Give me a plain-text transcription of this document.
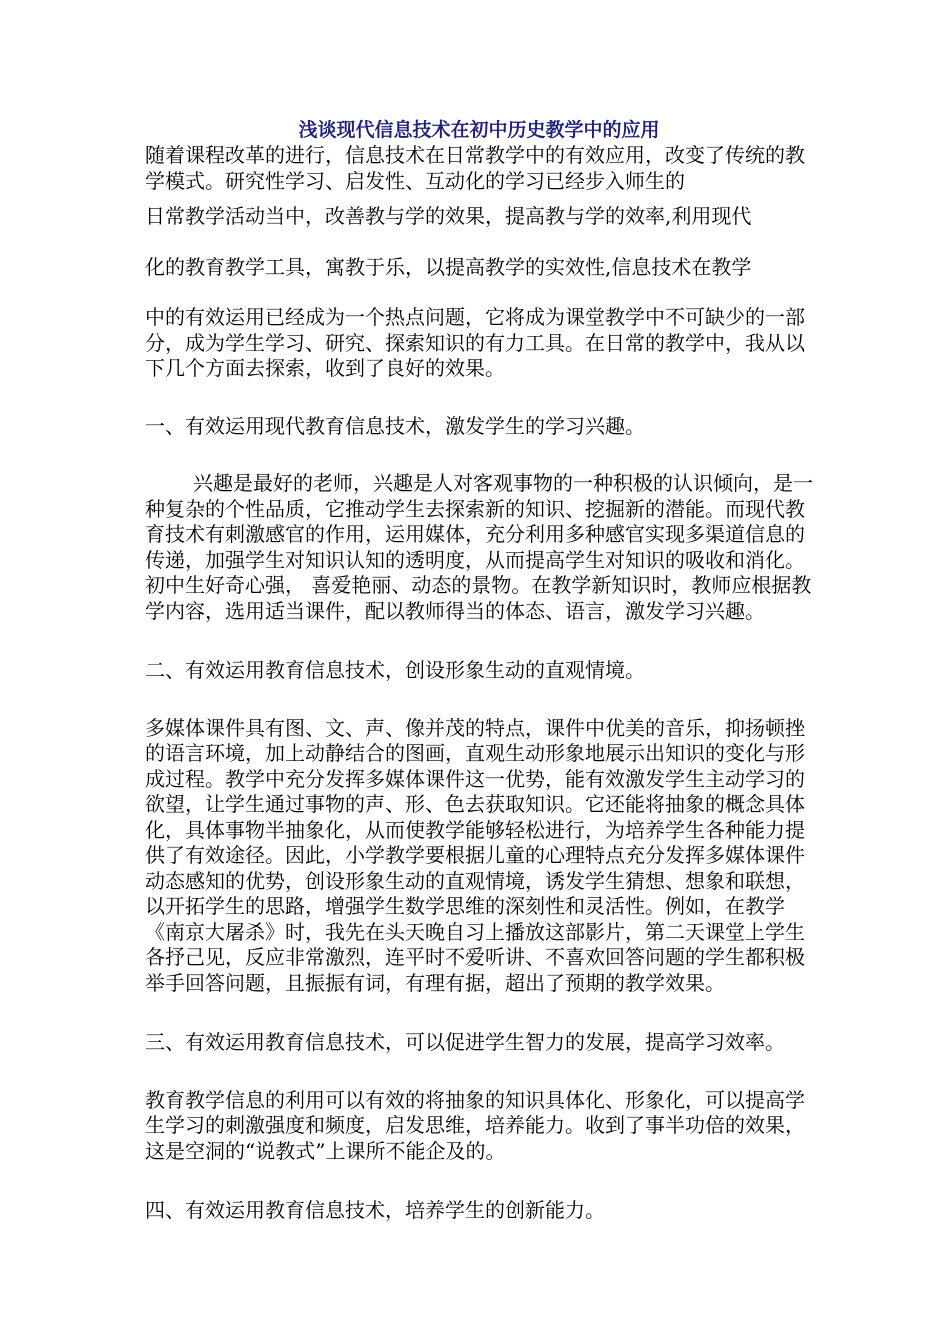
浅谈现代信息技术在初中历史教学中的应用

随着课程改革的进行，信息技术在日常教学中的有效应用，改变了传统的教学模式。研究性学习、启发性、互动化的学习已经步入师生的

日常教学活动当中，改善教与学的效果，提高教与学的效率,利用现代

化的教育教学工具，寓教于乐，以提高教学的实效性,信息技术在教学

中的有效运用已经成为一个热点问题，它将成为课堂教学中不可缺少的一部分，成为学生学习、研究、探索知识的有力工具。在日常的教学中，我从以下几个方面去探索，收到了良好的效果。

一、有效运用现代教育信息技术，激发学生的学习兴趣。

兴趣是最好的老师，兴趣是人对客观事物的一种积极的认识倾向，是一种复杂的个性品质，它推动学生去探索新的知识、挖掘新的潜能。而现代教育技术有刺激感官的作用，运用媒体，充分利用多种感官实现多渠道信息的传递，加强学生对知识认知的透明度，从而提高学生对知识的吸收和消化。初中生好奇心强， 喜爱艳丽、动态的景物。在教学新知识时，教师应根据教学内容，选用适当课件，配以教师得当的体态、语言，激发学习兴趣。

二、有效运用教育信息技术，创设形象生动的直观情境。

多媒体课件具有图、文、声、像并茂的特点，课件中优美的音乐，抑扬顿挫的语言环境，加上动静结合的图画，直观生动形象地展示出知识的变化与形成过程。教学中充分发挥多媒体课件这一优势，能有效激发学生主动学习的欲望，让学生通过事物的声、形、色去获取知识。它还能将抽象的概念具体化，具体事物半抽象化，从而使教学能够轻松进行，为培养学生各种能力提供了有效途径。因此，小学教学要根据儿童的心理特点充分发挥多媒体课件动态感知的优势，创设形象生动的直观情境，诱发学生猜想、想象和联想，以开拓学生的思路，增强学生数学思维的深刻性和灵活性。例如，在教学《南京大屠杀》时，我先在头天晚自习上播放这部影片，第二天课堂上学生各抒己见，反应非常激烈，连平时不爱听讲、不喜欢回答问题的学生都积极举手回答问题，且振振有词，有理有据，超出了预期的教学效果。

三、有效运用教育信息技术，可以促进学生智力的发展，提高学习效率。

教育教学信息的利用可以有效的将抽象的知识具体化、形象化，可以提高学生学习的刺激强度和频度，启发思维，培养能力。收到了事半功倍的效果，这是空洞的“说教式”上课所不能企及的。

四、有效运用教育信息技术，培养学生的创新能力。
